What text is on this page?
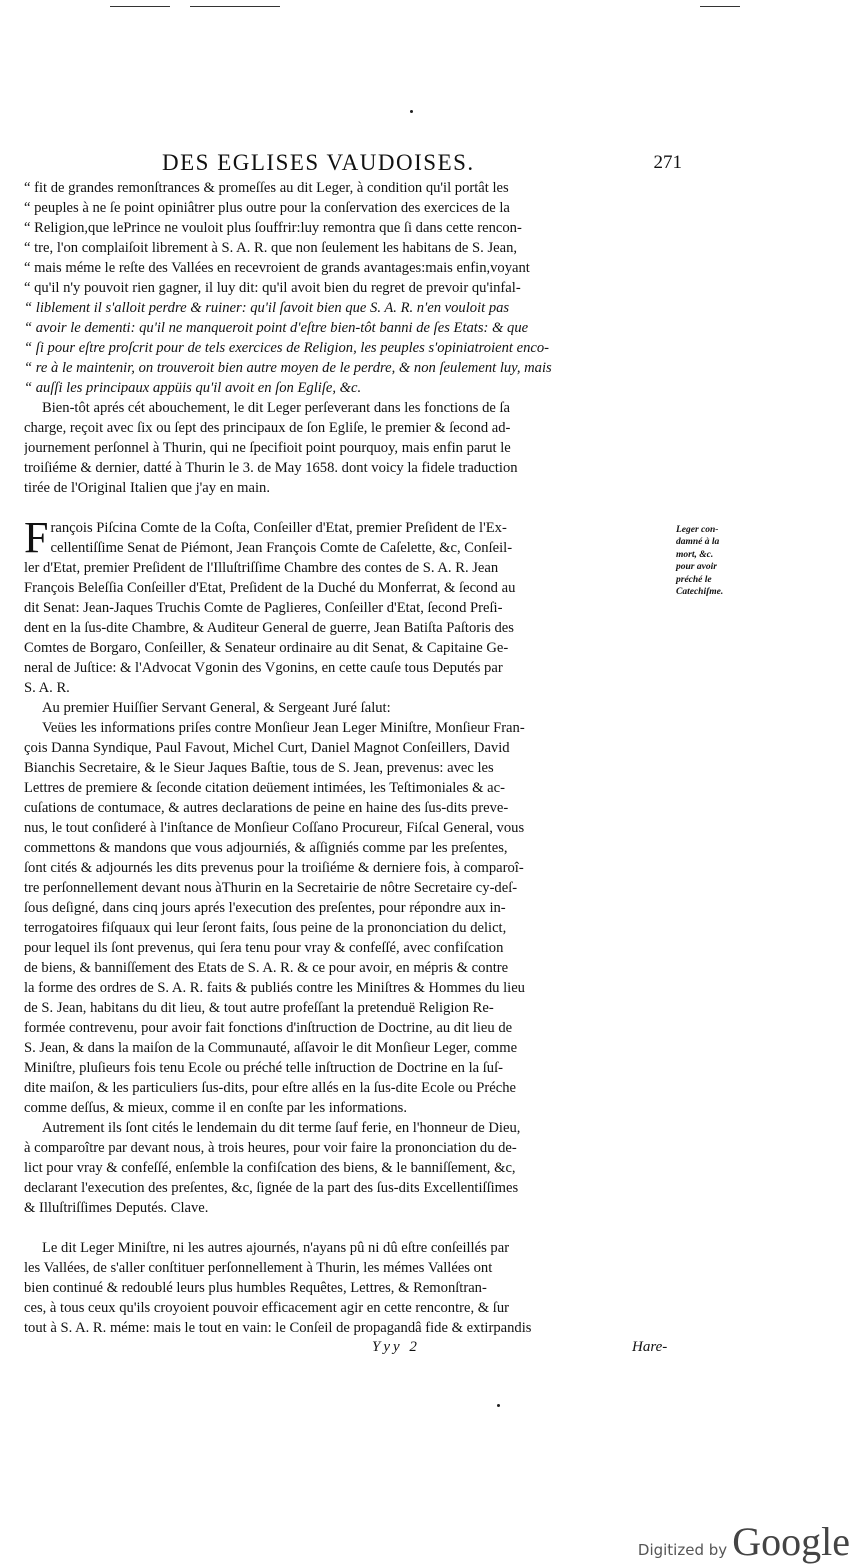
DES EGLISES VAUDOISES.	271
“ fit de grandes remonſtrances & promeſſes au dit Leger, à condition qu'il portât les
“ peuples à ne ſe point opiniâtrer plus outre pour la conſervation des exercices de la
“ Religion,que lePrince ne vouloit plus ſouffrir:luy remontra que ſi dans cette rencon-
“ tre, l'on complaiſoit librement à S. A. R. que non ſeulement les habitans de S. Jean,
“ mais méme le reſte des Vallées en recevroient de grands avantages:mais enfin,voyant
“ qu'il n'y pouvoit rien gagner, il luy dit: qu'il avoit bien du regret de prevoir qu'infal-
“ liblement il s'alloit perdre & ruiner: qu'il ſavoit bien que S. A. R. n'en vouloit pas
“ avoir le dementi: qu'il ne manqueroit point d'eſtre bien-tôt banni de ſes Etats: & que
“ ſi pour eſtre proſcrit pour de tels exercices de Religion, les peuples s'opiniatroient enco-
“ re à le maintenir, on trouveroit bien autre moyen de le perdre, & non ſeulement luy, mais
“ auſſi les principaux appüis qu'il avoit en ſon Egliſe, &c.
Bien-tôt aprés cét abouchement, le dit Leger perſeverant dans les fonctions de ſa
charge, reçoit avec ſix ou ſept des principaux de ſon Egliſe, le premier & ſecond ad-
journement perſonnel à Thurin, qui ne ſpecifioit point pourquoy, mais enfin parut le
troiſiéme & dernier, datté à Thurin le 3. de May 1658. dont voicy la fidele traduction
tirée de l'Original Italien que j'ay en main.
F rançois Piſcina Comte de la Coſta, Conſeiller d'Etat, premier Preſident de l'Ex-
cellentiſſime Senat de Piémont, Jean François Comte de Caſelette, &c, Conſeil-
ler d'Etat, premier Preſident de l'Illuſtriſſime Chambre des contes de S. A. R. Jean
François Beleſſia Conſeiller d'Etat, Preſident de la Duché du Monferrat, & ſecond au
dit Senat: Jean-Jaques Truchis Comte de Paglieres, Conſeiller d'Etat, ſecond Preſi-
dent en la ſus-dite Chambre, & Auditeur General de guerre, Jean Batiſta Paſtoris des
Comtes de Borgaro, Conſeiller, & Senateur ordinaire au dit Senat, & Capitaine Ge-
neral de Juſtice: & l'Advocat Vgonin des Vgonins, en cette cauſe tous Deputés par
S. A. R.
Au premier Huiſſier Servant General, & Sergeant Juré ſalut:
Veües les informations priſes contre Monſieur Jean Leger Miniſtre, Monſieur Fran-
çois Danna Syndique, Paul Favout, Michel Curt, Daniel Magnot Conſeillers, David
Bianchis Secretaire, & le Sieur Jaques Baſtie, tous de S. Jean, prevenus: avec les
Lettres de premiere & ſeconde citation deüement intimées, les Teſtimoniales & ac-
cuſations de contumace, & autres declarations de peine en haine des ſus-dits preve-
nus, le tout conſideré à l'inſtance de Monſieur Coſſano Procureur, Fiſcal General, vous
commettons & mandons que vous adjourniés, & aſſigniés comme par les preſentes,
ſont cités & adjournés les dits prevenus pour la troiſiéme & derniere fois, à comparoî-
tre perſonnellement devant nous àThurin en la Secretairie de nôtre Secretaire cy-deſ-
ſous deſigné, dans cinq jours aprés l'execution des preſentes, pour répondre aux in-
terrogatoires fiſquaux qui leur ſeront faits, ſous peine de la prononciation du delict,
pour lequel ils ſont prevenus, qui ſera tenu pour vray & confeſſé, avec confiſcation
de biens, & banniſſement des Etats de S. A. R. & ce pour avoir, en mépris & contre
la forme des ordres de S. A. R. faits & publiés contre les Miniſtres & Hommes du lieu
de S. Jean, habitans du dit lieu, & tout autre profeſſant la pretenduë Religion Re-
formée contrevenu, pour avoir fait fonctions d'inſtruction de Doctrine, au dit lieu de
S. Jean, & dans la maiſon de la Communauté, aſſavoir le dit Monſieur Leger, comme
Miniſtre, pluſieurs fois tenu Ecole ou préché telle inſtruction de Doctrine en la ſuſ-
dite maiſon, & les particuliers ſus-dits, pour eſtre allés en la ſus-dite Ecole ou Préche
comme deſſus, & mieux, comme il en conſte par les informations.
Autrement ils ſont cités le lendemain du dit terme ſauf ferie, en l'honneur de Dieu,
à comparoître par devant nous, à trois heures, pour voir faire la prononciation du de-
lict pour vray & confeſſé, enſemble la confiſcation des biens, & le banniſſement, &c,
declarant l'execution des preſentes, &c, ſignée de la part des ſus-dits Excellentiſſimes
& Illuſtriſſimes Deputés. Clave.
Le dit Leger Miniſtre, ni les autres ajournés, n'ayans pû ni dû eſtre conſeillés par
les Vallées, de s'aller conſtituer perſonnellement à Thurin, les mémes Vallées ont
bien continué & redoublé leurs plus humbles Requêtes, Lettres, & Remonſtran-
ces, à tous ceux qu'ils croyoient pouvoir efficacement agir en cette rencontre, & ſur
tout à S. A. R. méme: mais le tout en vain: le Conſeil de propagandâ fide & extirpandis
Leger con-
damné à la
mort, &c.
pour avoir
préché le
Catechiſme.
Yyy 2	Hare-
Digitized by Google
